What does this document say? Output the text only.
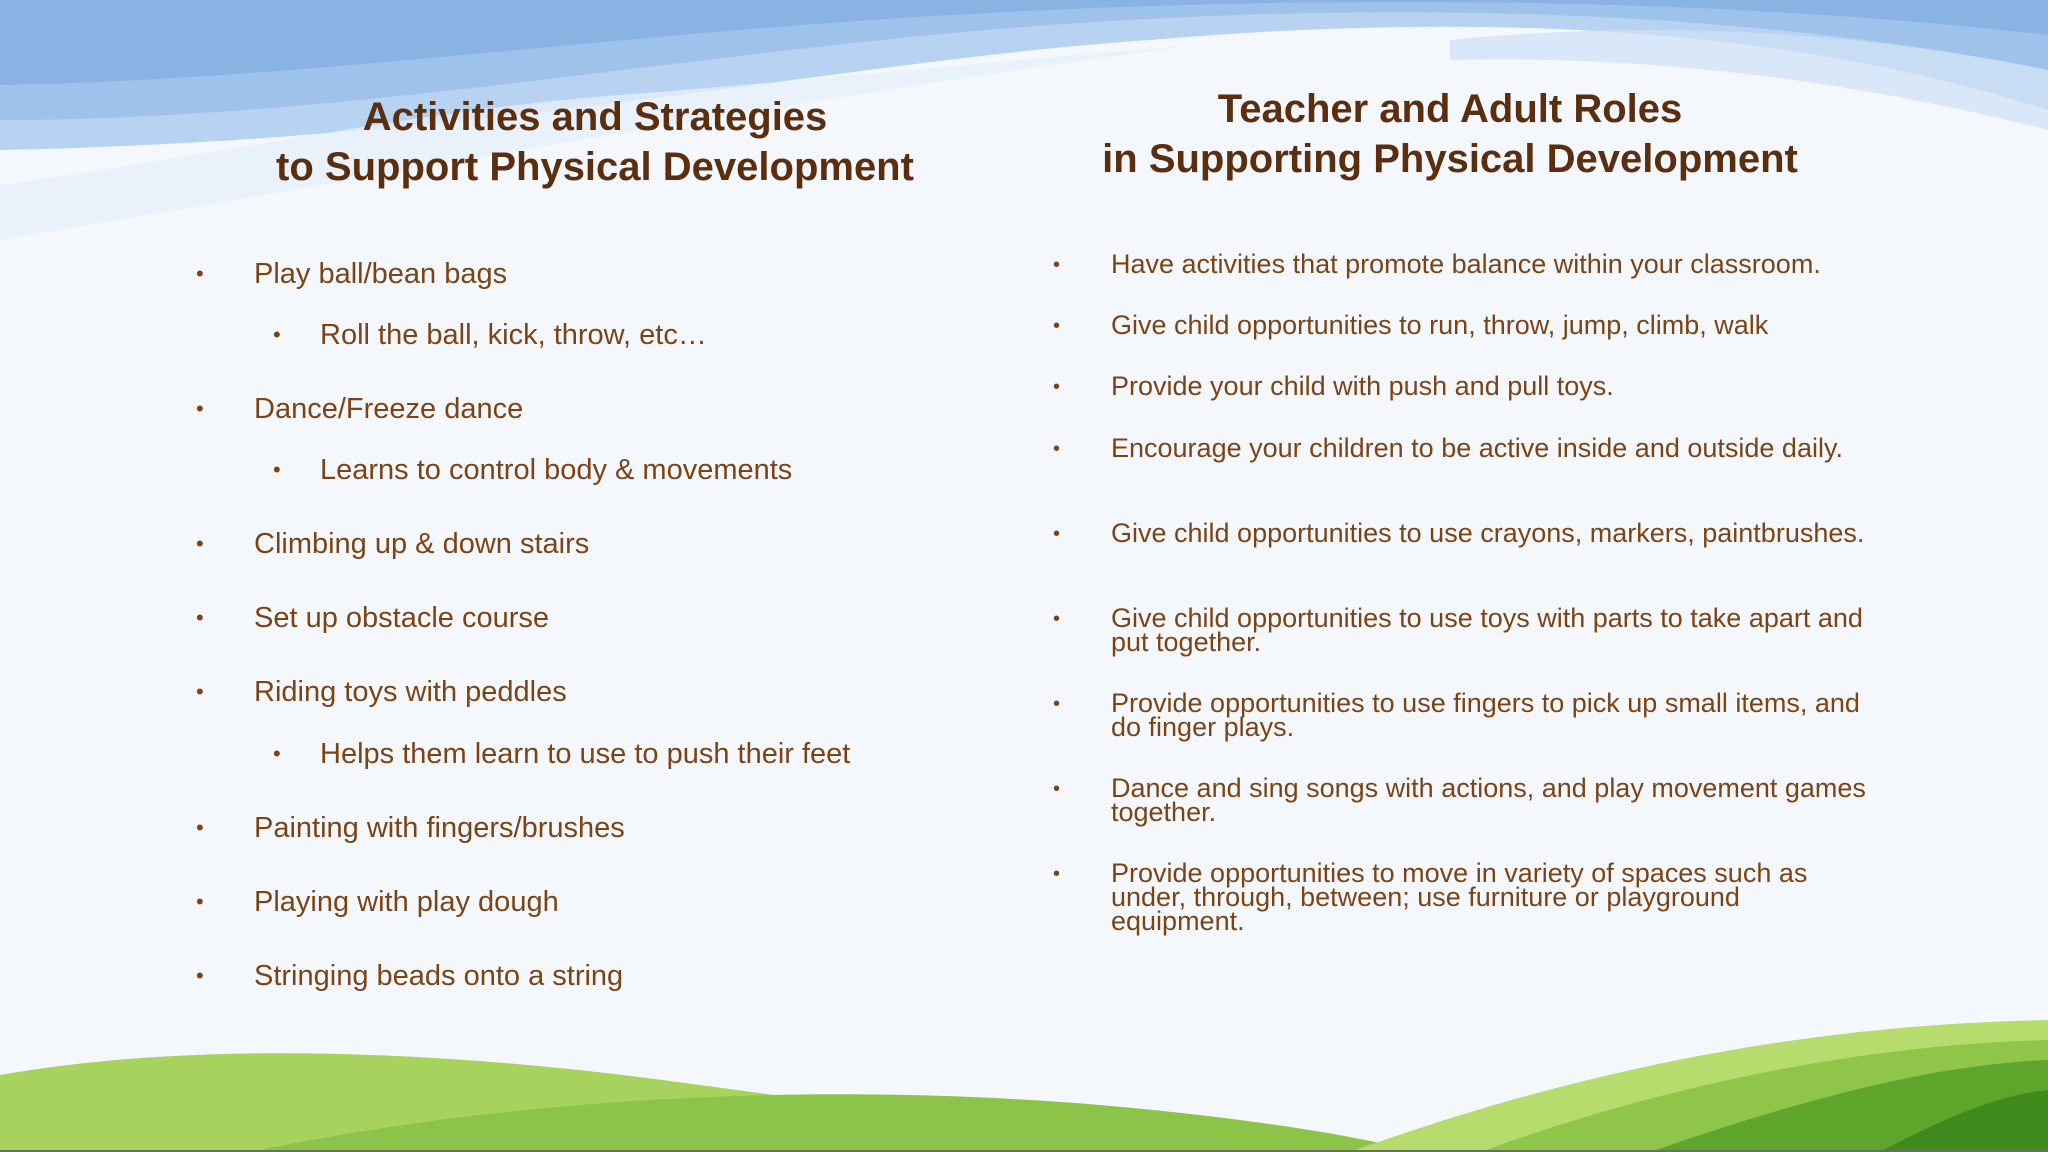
Activities and Strategies
to Support Physical Development
Teacher and Adult Roles
in Supporting Physical Development
• Play ball/bean bags
• Roll the ball, kick, throw, etc…
• Dance/Freeze dance
• Learns to control body & movements
• Climbing up & down stairs
• Set up obstacle course
• Riding toys with peddles
• Helps them learn to use to push their feet
• Painting with fingers/brushes
• Playing with play dough
• Stringing beads onto a string
• Have activities that promote balance within your classroom.
• Give child opportunities to run, throw, jump, climb, walk
• Provide your child with push and pull toys.
• Encourage your children to be active inside and outside daily.
• Give child opportunities to use crayons, markers, paintbrushes.
• Give child opportunities to use toys with parts to take apart and put together.
• Provide opportunities to use fingers to pick up small items, and do finger plays.
• Dance and sing songs with actions, and play movement games together.
• Provide opportunities to move in variety of spaces such as under, through, between; use furniture or playground equipment.
